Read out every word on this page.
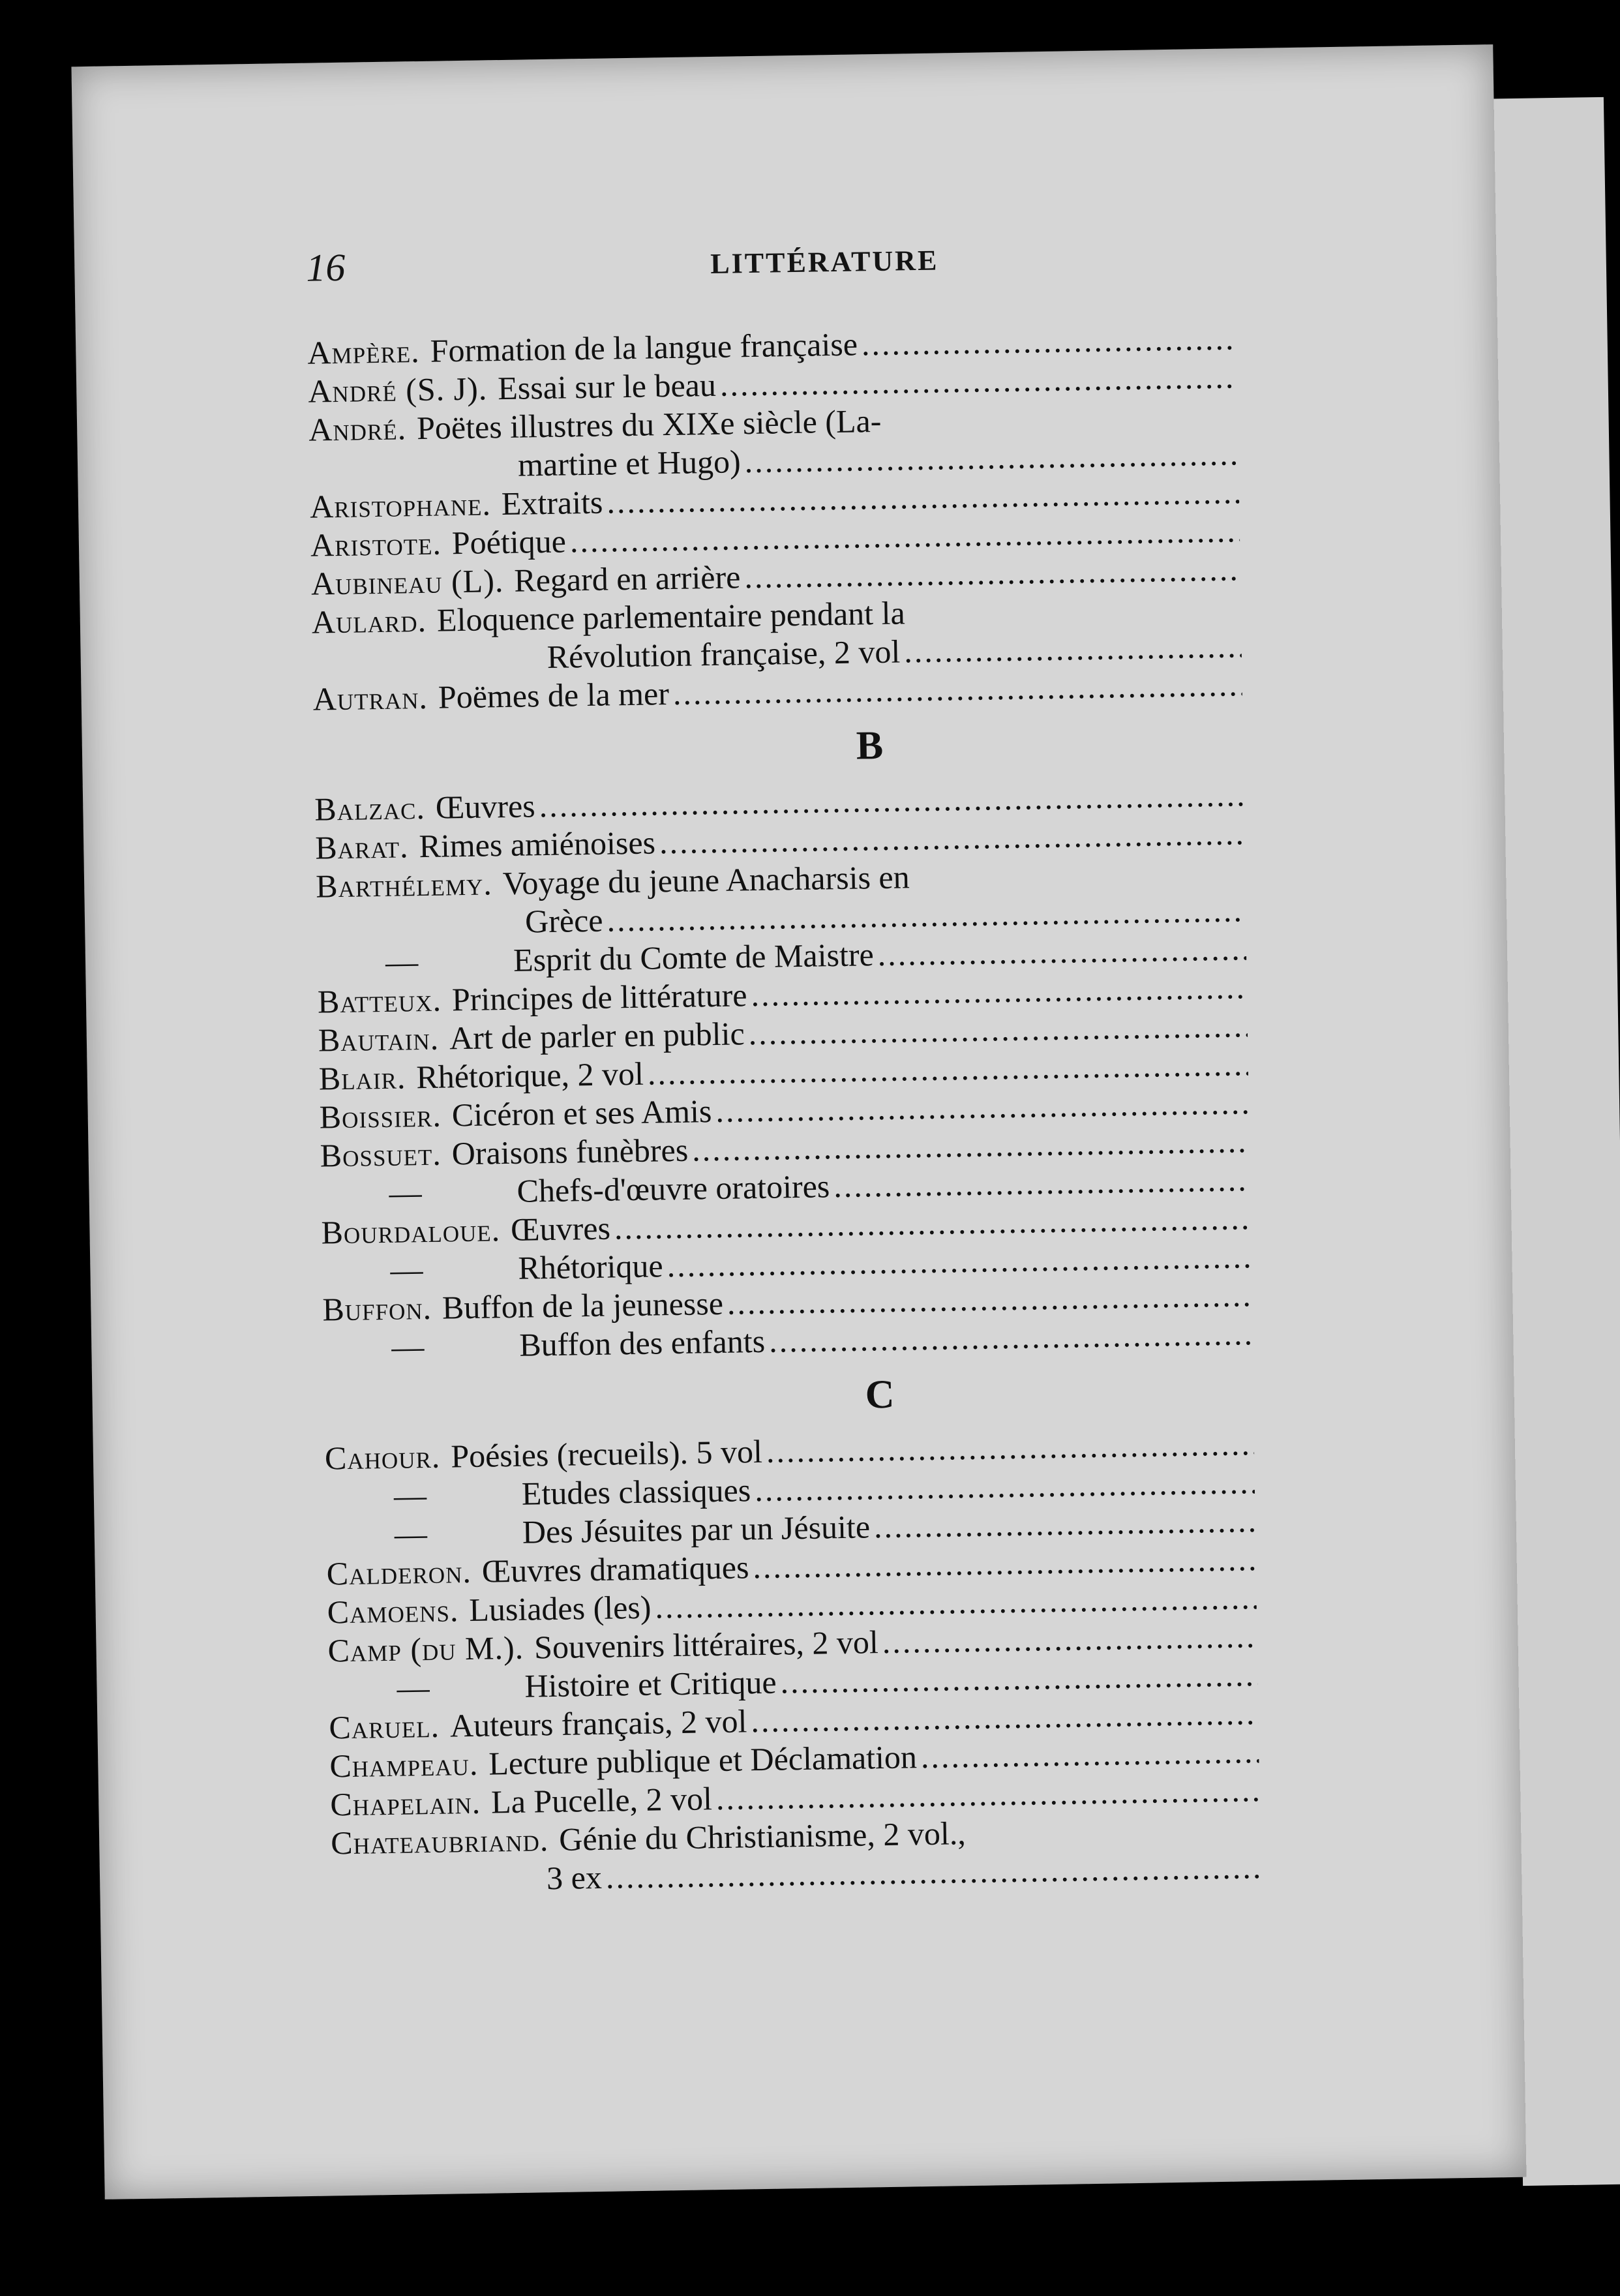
16	LITTÉRATURE
Ampère. Formation de la langue française
.....
André (S. J). Essai sur le beau
.....
André. Poëtes illustres du XIXe siècle (La-
martine et Hugo)
.....
Aristophane. Extraits
.....
Aristote. Poétique
.....
Aubineau (L). Regard en arrière
.....
Aulard. Eloquence parlementaire pendant la
Révolution française, 2 vol
.....
Autran. Poëmes de la mer
.....
B
Balzac. Œuvres
.....
Barat. Rimes amiénoises
.....
Barthélemy. Voyage du jeune Anacharsis en
Grèce
.....
—	Esprit du Comte de Maistre
.....
Batteux. Principes de littérature
.....
Bautain. Art de parler en public
.....
Blair. Rhétorique, 2 vol
.....
Boissier. Cicéron et ses Amis
.....
Bossuet. Oraisons funèbres
.....
—	Chefs-d'œuvre oratoires
.....
Bourdaloue. Œuvres
.....
—	Rhétorique
.....
Buffon. Buffon de la jeunesse
.....
—	Buffon des enfants
.....
C
Cahour. Poésies (recueils). 5 vol
.....
—	Etudes classiques
.....
—	Des Jésuites par un Jésuite
.....
Calderon. Œuvres dramatiques
.....
Camoens. Lusiades (les)
.....
Camp (du M.). Souvenirs littéraires, 2 vol
.....
—	Histoire et Critique
.....
Caruel. Auteurs français, 2 vol
.....
Champeau. Lecture publique et Déclamation
.....
Chapelain. La Pucelle, 2 vol
.....
Chateaubriand. Génie du Christianisme, 2 vol.,
3 ex
.....
